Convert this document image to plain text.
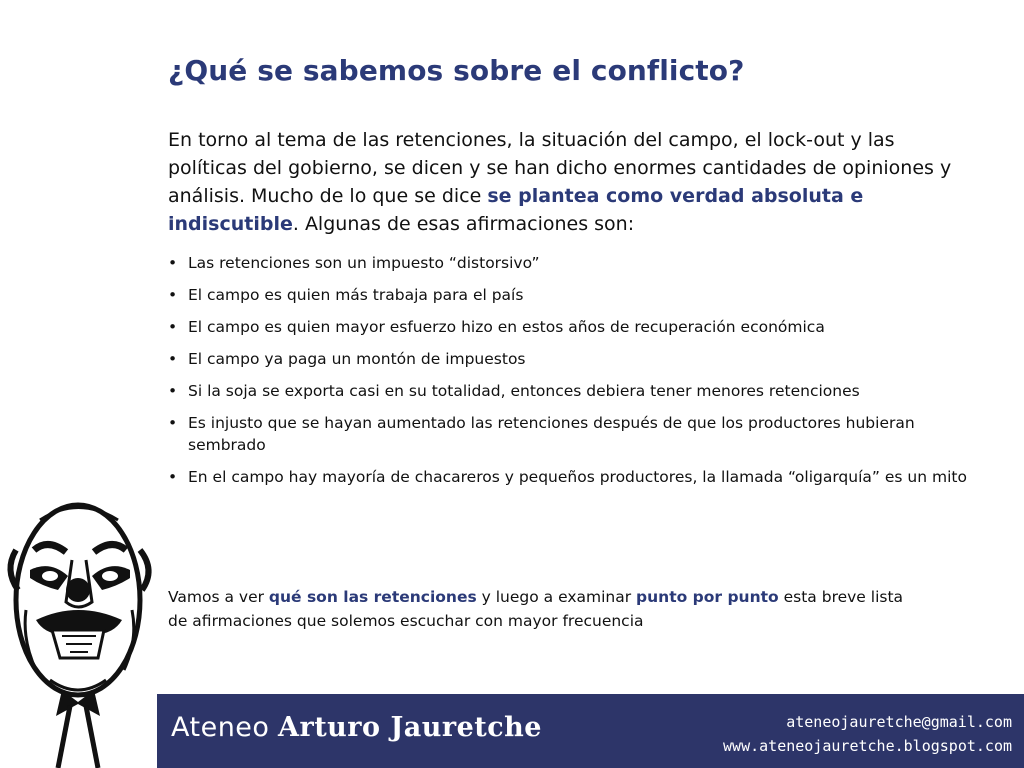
¿Qué se sabemos sobre el conflicto?
En torno al tema de las retenciones, la situación del campo, el lock-out y las políticas del gobierno, se dicen y se han dicho enormes cantidades de opiniones y análisis. Mucho de lo que se dice se plantea como verdad absoluta e indiscutible. Algunas de esas afirmaciones son:
• Las retenciones son un impuesto “distorsivo”
• El campo es quien más trabaja para el país
• El campo es quien mayor esfuerzo hizo en estos años de recuperación económica
• El campo ya paga un montón de impuestos
• Si la soja se exporta casi en su totalidad, entonces debiera tener menores retenciones
• Es injusto que se hayan aumentado las retenciones después de que los productores hubieran sembrado
• En el campo hay mayoría de chacareros y pequeños productores, la llamada “oligarquía” es un mito
Vamos a ver qué son las retenciones y luego a examinar punto por punto esta breve lista de afirmaciones que solemos escuchar con mayor frecuencia
Ateneo Arturo Jauretche	ateneojauretche@gmail.com
www.ateneojauretche.blogspot.com
